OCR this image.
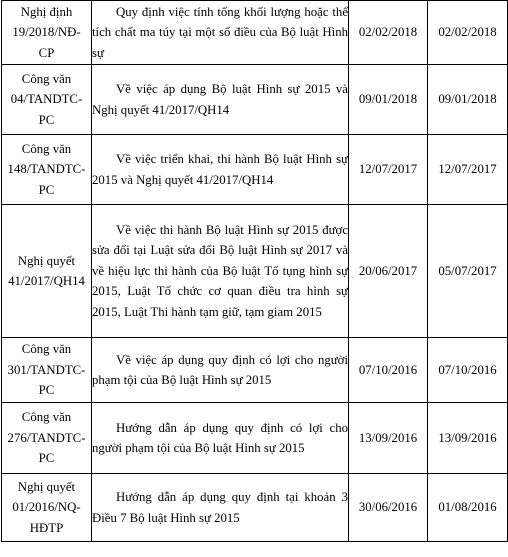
Nghị định
19/2018/NĐ-
CP	Quy định việc tính tổng khối lượng hoặc thể tích chất ma túy tại một số điều của Bộ luật Hình sự	02/02/2018	02/02/2018

Công văn
04/TANDTC-
PC	Về việc áp dụng Bộ luật Hình sự 2015 và Nghị quyết 41/2017/QH14	09/01/2018	09/01/2018

Công văn
148/TANDTC-
PC	Về việc triển khai, thi hành Bộ luật Hình sự 2015 và Nghị quyết 41/2017/QH14	12/07/2017	12/07/2017

Nghị quyết
41/2017/QH14	Về việc thi hành Bộ luật Hình sự 2015 được sửa đổi tại Luật sửa đổi Bộ luật Hình sự 2017 và về hiệu lực thi hành của Bộ luật Tố tụng hình sự 2015, Luật Tổ chức cơ quan điều tra hình sự 2015, Luật Thi hành tạm giữ, tạm giam 2015	20/06/2017	05/07/2017

Công văn
301/TANDTC-
PC	Về việc áp dụng quy định có lợi cho người phạm tội của Bộ luật Hình sự 2015	07/10/2016	07/10/2016

Công văn
276/TANDTC-
PC	Hướng dẫn áp dụng quy định có lợi cho người phạm tội của Bộ luật Hình sự 2015	13/09/2016	13/09/2016

Nghị quyết
01/2016/NQ-
HĐTP	Hướng dẫn áp dụng quy định tại khoản 3 Điều 7 Bộ luật Hình sự 2015	30/06/2016	01/08/2016
